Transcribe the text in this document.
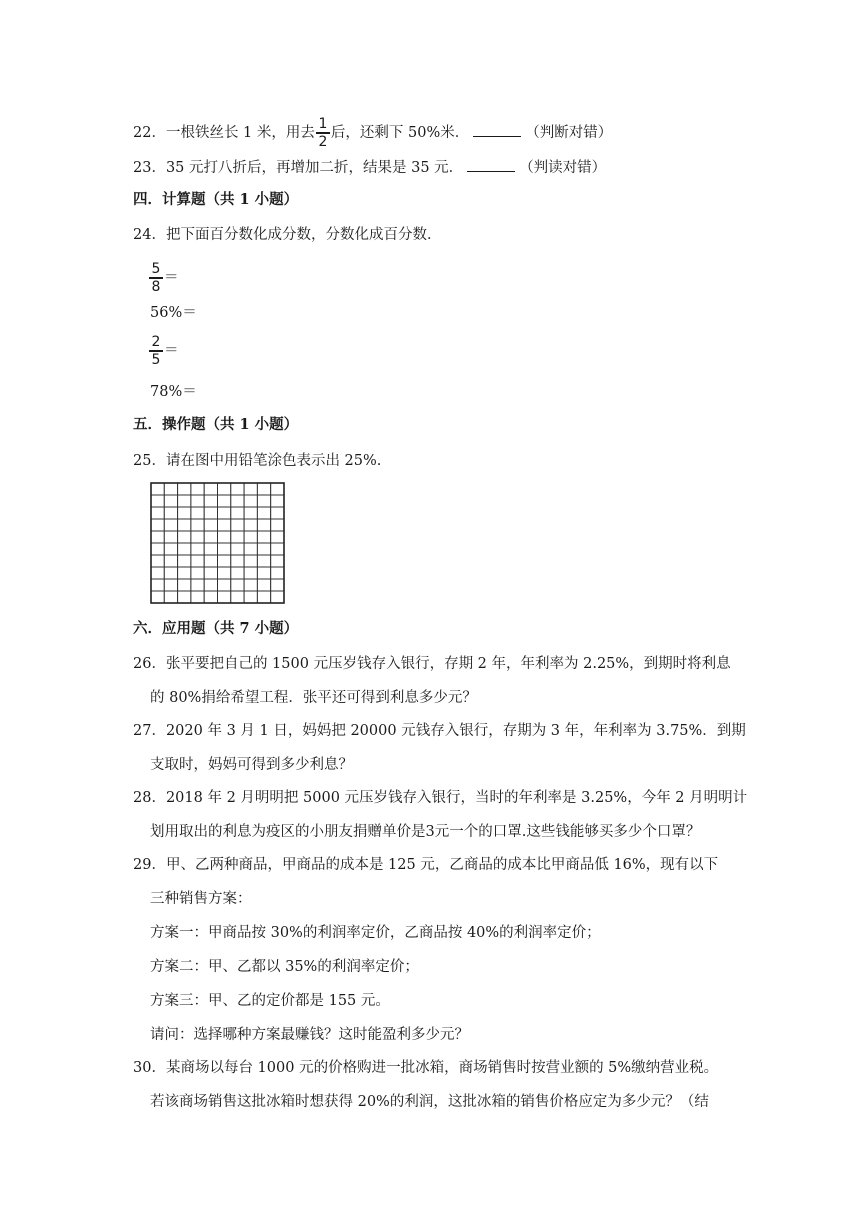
22．一根铁丝长 1 米，用去 $\frac{1}{2}$ 后，还剩下 50%米．	（判断对错）
23．35 元打八折后，再增加二折，结果是 35 元．	（判读对错）
四．计算题（共 1 小题）
24．把下面百分数化成分数，分数化成百分数．
$\frac{5}{8}$ ＝
56%＝
$\frac{2}{5}$ ＝
78%＝
五．操作题（共 1 小题）
25．请在图中用铅笔涂色表示出 25%.
六．应用题（共 7 小题）
26．张平要把自己的 1500 元压岁钱存入银行，存期 2 年，年利率为 2.25%，到期时将利息
的 80%捐给希望工程．张平还可得到利息多少元？
27．2020 年 3 月 1 日，妈妈把 20000 元钱存入银行，存期为 3 年，年利率为 3.75%．到期
支取时，妈妈可得到多少利息？
28．2018 年 2 月明明把 5000 元压岁钱存入银行，当时的年利率是 3.25%，今年 2 月明明计
划用取出的利息为疫区的小朋友捐赠单价是3元一个的口罩.这些钱能够买多少个口罩？
29．甲、乙两种商品，甲商品的成本是 125 元，乙商品的成本比甲商品低 16%，现有以下
三种销售方案：
方案一：甲商品按 30%的利润率定价，乙商品按 40%的利润率定价；
方案二：甲、乙都以 35%的利润率定价；
方案三：甲、乙的定价都是 155 元。
请问：选择哪种方案最赚钱？这时能盈利多少元？
30．某商场以每台 1000 元的价格购进一批冰箱，商场销售时按营业额的 5%缴纳营业税。
若该商场销售这批冰箱时想获得 20%的利润，这批冰箱的销售价格应定为多少元？（结
